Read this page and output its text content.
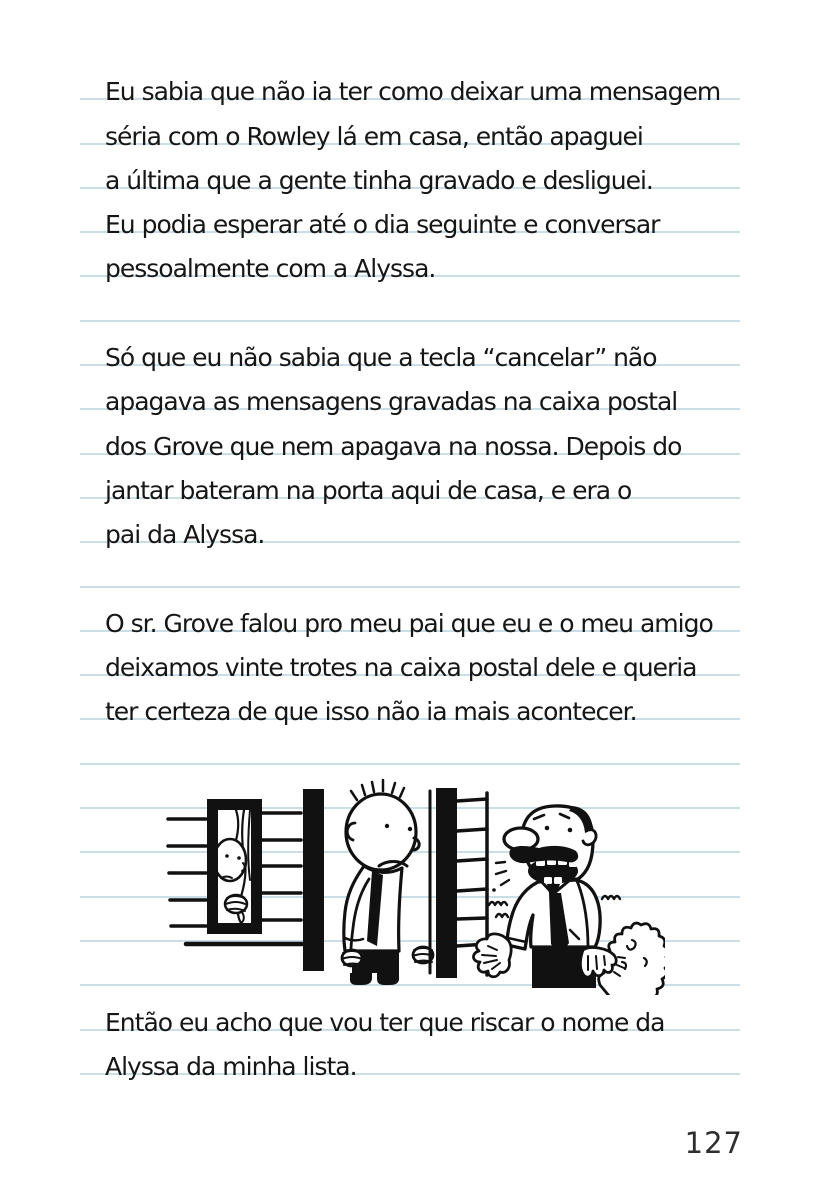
Eu sabia que não ia ter como deixar uma mensagem
séria com o Rowley lá em casa, então apaguei
a última que a gente tinha gravado e desliguei.
Eu podia esperar até o dia seguinte e conversar
pessoalmente com a Alyssa.
Só que eu não sabia que a tecla “cancelar” não
apagava as mensagens gravadas na caixa postal
dos Grove que nem apagava na nossa. Depois do
jantar bateram na porta aqui de casa, e era o
pai da Alyssa.
O sr. Grove falou pro meu pai que eu e o meu amigo
deixamos vinte trotes na caixa postal dele e queria
ter certeza de que isso não ia mais acontecer.
Então eu acho que vou ter que riscar o nome da
Alyssa da minha lista.
127
